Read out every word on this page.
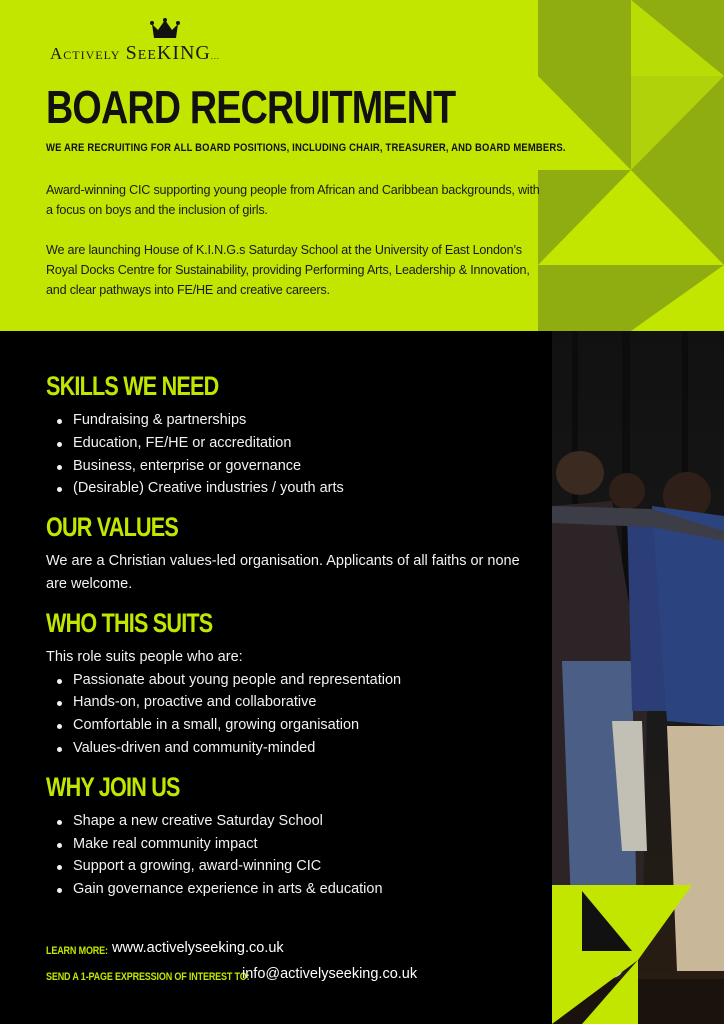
Actively SeeKING...
BOARD RECRUITMENT

WE ARE RECRUITING FOR ALL BOARD POSITIONS, INCLUDING CHAIR, TREASURER, AND BOARD MEMBERS.

Award-winning CIC supporting young people from African and Caribbean backgrounds, with a focus on boys and the inclusion of girls.

We are launching House of K.I.N.G.s Saturday School at the University of East London’s Royal Docks Centre for Sustainability, providing Performing Arts, Leadership & Innovation, and clear pathways into FE/HE and creative careers.

SKILLS WE NEED
Fundraising & partnerships
Education, FE/HE or accreditation
Business, enterprise or governance
(Desirable) Creative industries / youth arts
OUR VALUES

We are a Christian values-led organisation. Applicants of all faiths or none are welcome.

WHO THIS SUITS

This role suits people who are:

Passionate about young people and representation
Hands-on, proactive and collaborative
Comfortable in a small, growing organisation
Values-driven and community-minded
WHY JOIN US
Shape a new creative Saturday School
Make real community impact
Support a growing, award-winning CIC
Gain governance experience in arts & education
LEARN MORE: www.activelyseeking.co.uk
SEND A 1-PAGE EXPRESSION OF INTEREST TO:
info@activelyseeking.co.uk
